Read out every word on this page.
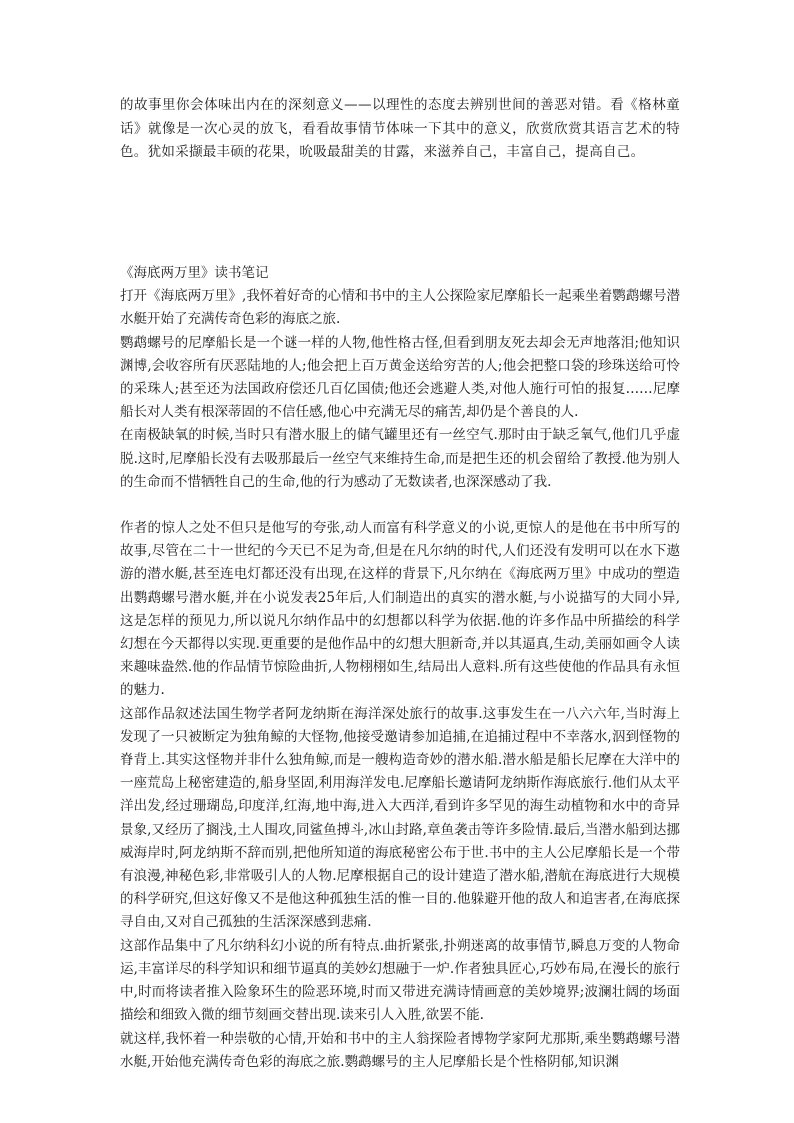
的故事里你会体味出内在的深刻意义——以理性的态度去辨别世间的善恶对错。看《格林童话》就像是一次心灵的放飞，看看故事情节体味一下其中的意义，欣赏欣赏其语言艺术的特色。犹如采撷最丰硕的花果，吮吸最甜美的甘露，来滋养自己，丰富自己，提高自己。

《海底两万里》读书笔记

打开《海底两万里》,我怀着好奇的心情和书中的主人公探险家尼摩船长一起乘坐着鹦鹉螺号潜水艇开始了充满传奇色彩的海底之旅.

鹦鹉螺号的尼摩船长是一个谜一样的人物,他性格古怪,但看到朋友死去却会无声地落泪;他知识渊博,会收容所有厌恶陆地的人;他会把上百万黄金送给穷苦的人;他会把整口袋的珍珠送给可怜的采珠人;甚至还为法国政府偿还几百亿国债;他还会逃避人类,对他人施行可怕的报复……尼摩船长对人类有根深蒂固的不信任感,他心中充满无尽的痛苦,却仍是个善良的人.

在南极缺氧的时候,当时只有潜水服上的储气罐里还有一丝空气.那时由于缺乏氧气,他们几乎虚脱.这时,尼摩船长没有去吸那最后一丝空气来维持生命,而是把生还的机会留给了教授.他为别人的生命而不惜牺牲自己的生命,他的行为感动了无数读者,也深深感动了我.

作者的惊人之处不但只是他写的夸张,动人而富有科学意义的小说,更惊人的是他在书中所写的故事,尽管在二十一世纪的今天已不足为奇,但是在凡尔纳的时代,人们还没有发明可以在水下遨游的潜水艇,甚至连电灯都还没有出现,在这样的背景下,凡尔纳在《海底两万里》中成功的塑造出鹦鹉螺号潜水艇,并在小说发表25年后,人们制造出的真实的潜水艇,与小说描写的大同小异,这是怎样的预见力,所以说凡尔纳作品中的幻想都以科学为依据.他的许多作品中所描绘的科学幻想在今天都得以实现.更重要的是他作品中的幻想大胆新奇,并以其逼真,生动,美丽如画令人读来趣味盎然.他的作品情节惊险曲折,人物栩栩如生,结局出人意料.所有这些使他的作品具有永恒的魅力.

这部作品叙述法国生物学者阿龙纳斯在海洋深处旅行的故事.这事发生在一八六六年,当时海上发现了一只被断定为独角鲸的大怪物,他接受邀请参加追捕,在追捕过程中不幸落水,泅到怪物的脊背上.其实这怪物并非什么独角鲸,而是一艘构造奇妙的潜水船.潜水船是船长尼摩在大洋中的一座荒岛上秘密建造的,船身坚固,利用海洋发电.尼摩船长邀请阿龙纳斯作海底旅行.他们从太平洋出发,经过珊瑚岛,印度洋,红海,地中海,进入大西洋,看到许多罕见的海生动植物和水中的奇异景象,又经历了搁浅,土人围攻,同鲨鱼搏斗,冰山封路,章鱼袭击等许多险情.最后,当潜水船到达挪威海岸时,阿龙纳斯不辞而别,把他所知道的海底秘密公布于世.书中的主人公尼摩船长是一个带有浪漫,神秘色彩,非常吸引人的人物.尼摩根据自己的设计建造了潜水船,潜航在海底进行大规模的科学研究,但这好像又不是他这种孤独生活的惟一目的.他躲避开他的敌人和追害者,在海底探寻自由,又对自己孤独的生活深深感到悲痛.

这部作品集中了凡尔纳科幻小说的所有特点.曲折紧张,扑朔迷离的故事情节,瞬息万变的人物命运,丰富详尽的科学知识和细节逼真的美妙幻想融于一炉.作者独具匠心,巧妙布局,在漫长的旅行中,时而将读者推入险象环生的险恶环境,时而又带进充满诗情画意的美妙境界;波澜壮阔的场面描绘和细致入微的细节刻画交替出现.读来引人入胜,欲罢不能.

就这样,我怀着一种崇敬的心情,开始和书中的主人翁探险者博物学家阿尤那斯,乘坐鹦鹉螺号潜水艇,开始他充满传奇色彩的海底之旅.鹦鹉螺号的主人尼摩船长是个性格阴郁,知识渊
